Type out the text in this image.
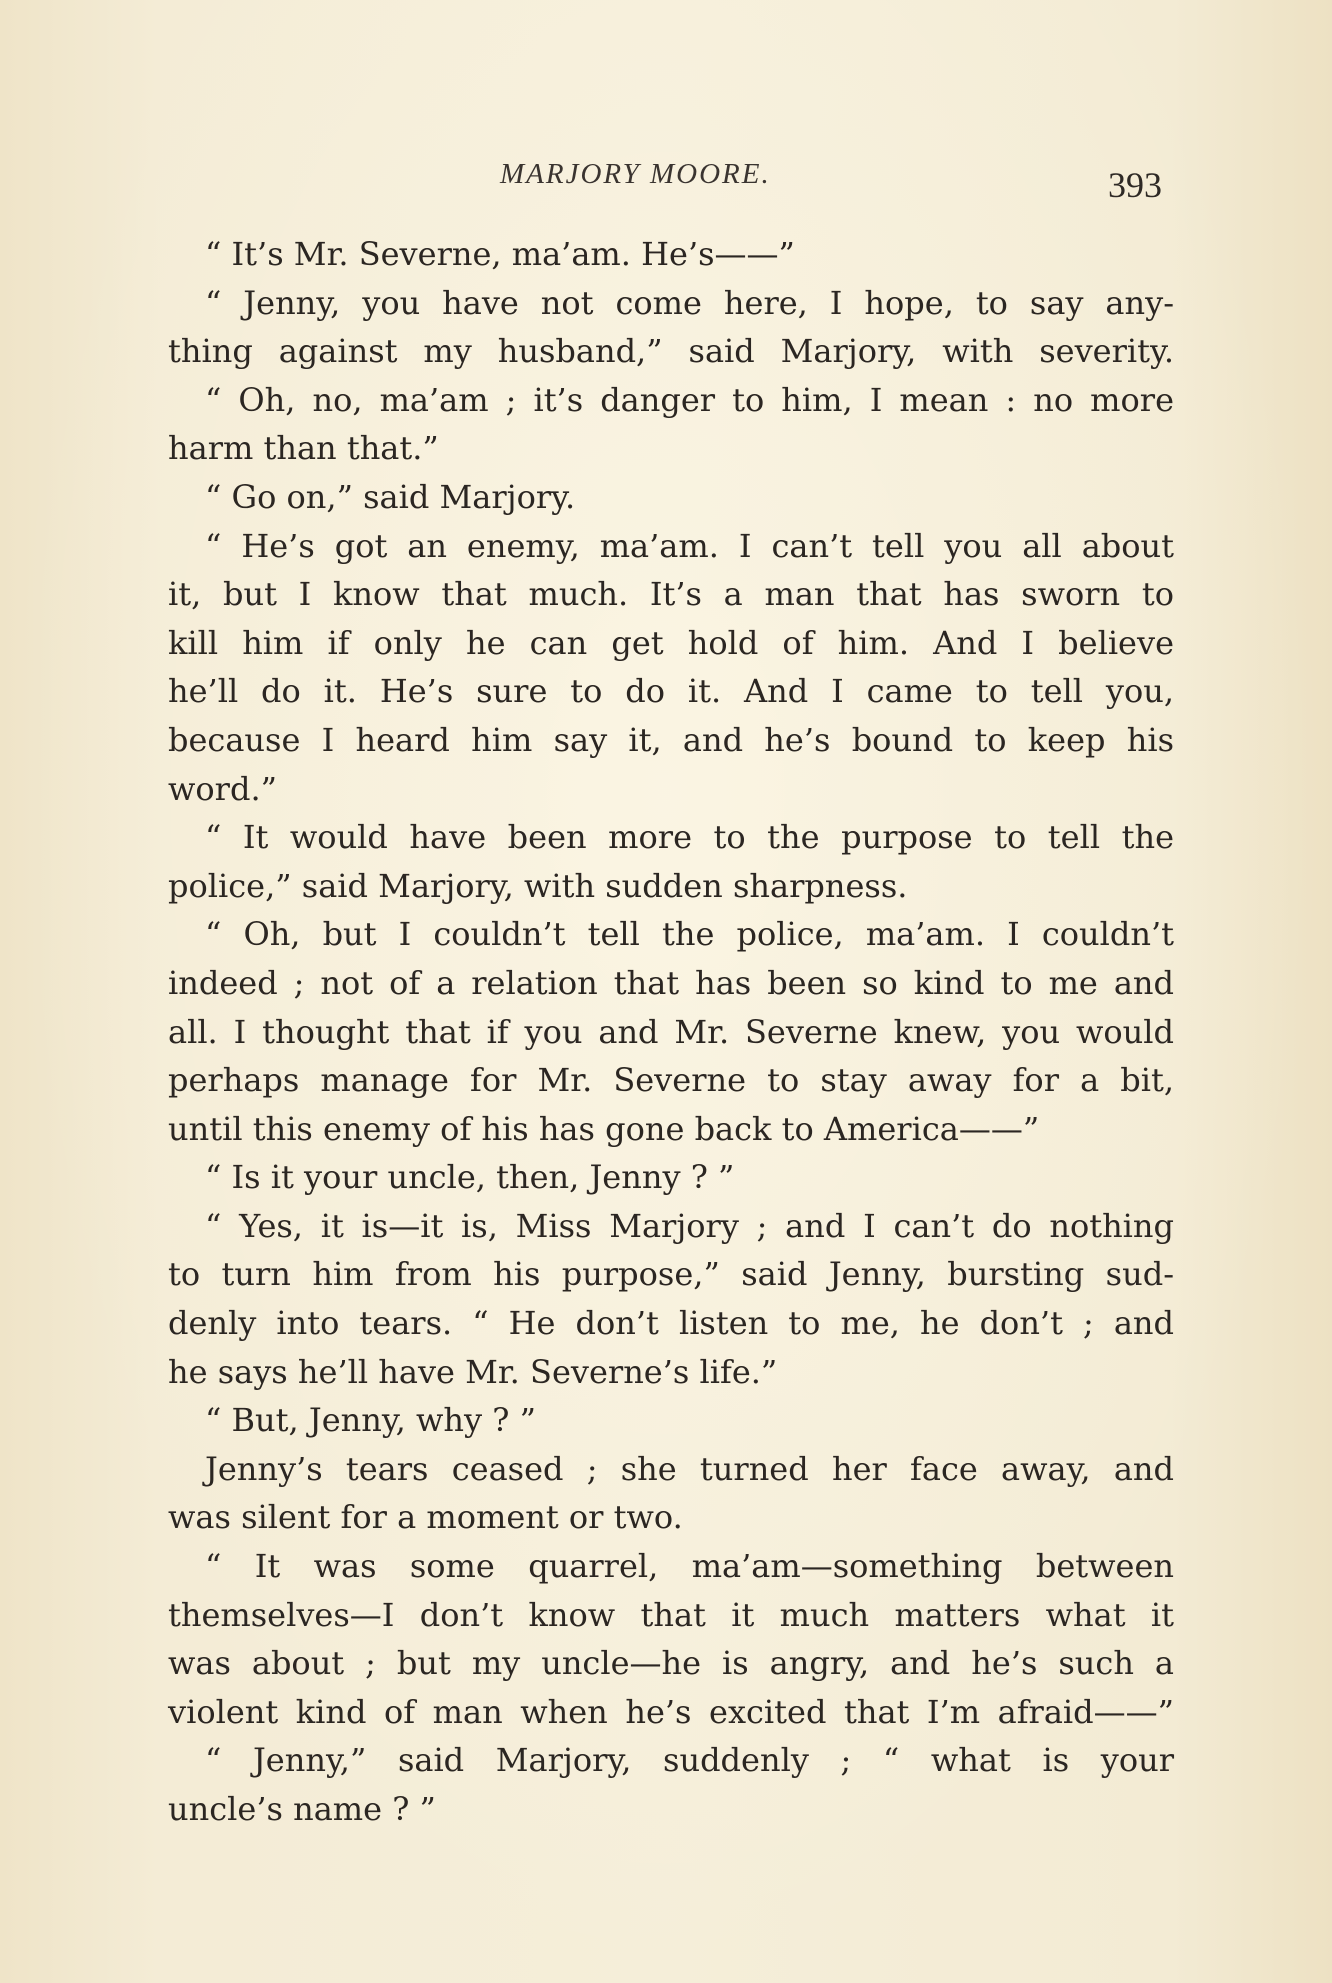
MARJORY MOORE.	393
“ It’s Mr. Severne, ma’am. He’s——”
“ Jenny, you have not come here, I hope, to say any-
thing against my husband,” said Marjory, with severity.
“ Oh, no, ma’am ; it’s danger to him, I mean : no more
harm than that.”
“ Go on,” said Marjory.
“ He’s got an enemy, ma’am. I can’t tell you all about
it, but I know that much. It’s a man that has sworn to
kill him if only he can get hold of him. And I believe
he’ll do it. He’s sure to do it. And I came to tell you,
because I heard him say it, and he’s bound to keep his
word.”
“ It would have been more to the purpose to tell the
police,” said Marjory, with sudden sharpness.
“ Oh, but I couldn’t tell the police, ma’am. I couldn’t
indeed ; not of a relation that has been so kind to me and
all. I thought that if you and Mr. Severne knew, you would
perhaps manage for Mr. Severne to stay away for a bit,
until this enemy of his has gone back to America——”
“ Is it your uncle, then, Jenny ? ”
“ Yes, it is—it is, Miss Marjory ; and I can’t do nothing
to turn him from his purpose,” said Jenny, bursting sud-
denly into tears. “ He don’t listen to me, he don’t ; and
he says he’ll have Mr. Severne’s life.”
“ But, Jenny, why ? ”
Jenny’s tears ceased ; she turned her face away, and
was silent for a moment or two.
“ It was some quarrel, ma’am—something between
themselves—I don’t know that it much matters what it
was about ; but my uncle—he is angry, and he’s such a
violent kind of man when he’s excited that I’m afraid——”
“ Jenny,” said Marjory, suddenly ; “ what is your
uncle’s name ? ”
